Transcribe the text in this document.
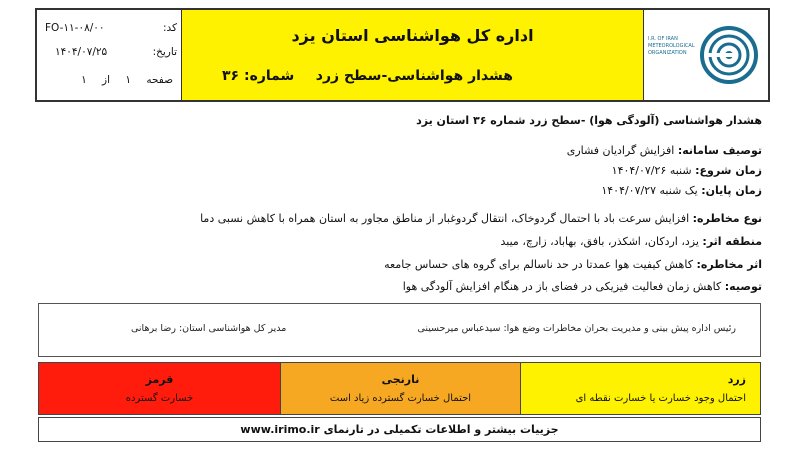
I.R. OF IRAN
METEOROLOGICAL
ORGANIZATION
اداره کل هواشناسی استان یزد
هشدار هواشناسی-سطح زرد
شماره: ۳۶
کد:
FO-۱۱-۰۸/۰۰
تاریخ:
۱۴۰۴/۰۷/۲۵
صفحه ۱ از ۱
هشدار هواشناسی (آلودگی هوا) -سطح زرد شماره ۳۶ استان یزد
توصیف سامانه: افزایش گرادیان فشاری
زمان شروع: شنبه ۱۴۰۴/۰۷/۲۶
زمان پایان: یک شنبه ۱۴۰۴/۰۷/۲۷
نوع مخاطره: افزایش سرعت باد با احتمال گردوخاک، انتقال گردوغبار از مناطق مجاور به استان همراه با کاهش نسبی دما
منطقه اثر: یزد، اردکان، اشکذر، بافق، بهاباد، زارچ، میبد
اثر مخاطره: کاهش کیفیت هوا عمدتا در حد ناسالم برای گروه های حساس جامعه
توصیه: کاهش زمان فعالیت فیزیکی در فضای باز در هنگام افزایش آلودگی هوا
رئیس اداره پیش بینی و مدیریت بحران مخاطرات وضع هوا: سیدعباس میرحسینی
مدیر کل هواشناسی استان: رضا برهانی
زرد
احتمال وجود خسارت یا خسارت نقطه ای
نارنجی
احتمال خسارت گسترده زیاد است
قرمز
خسارت گسترده
جزییات بیشتر و اطلاعات تکمیلی در تارنمای www.irimo.ir
